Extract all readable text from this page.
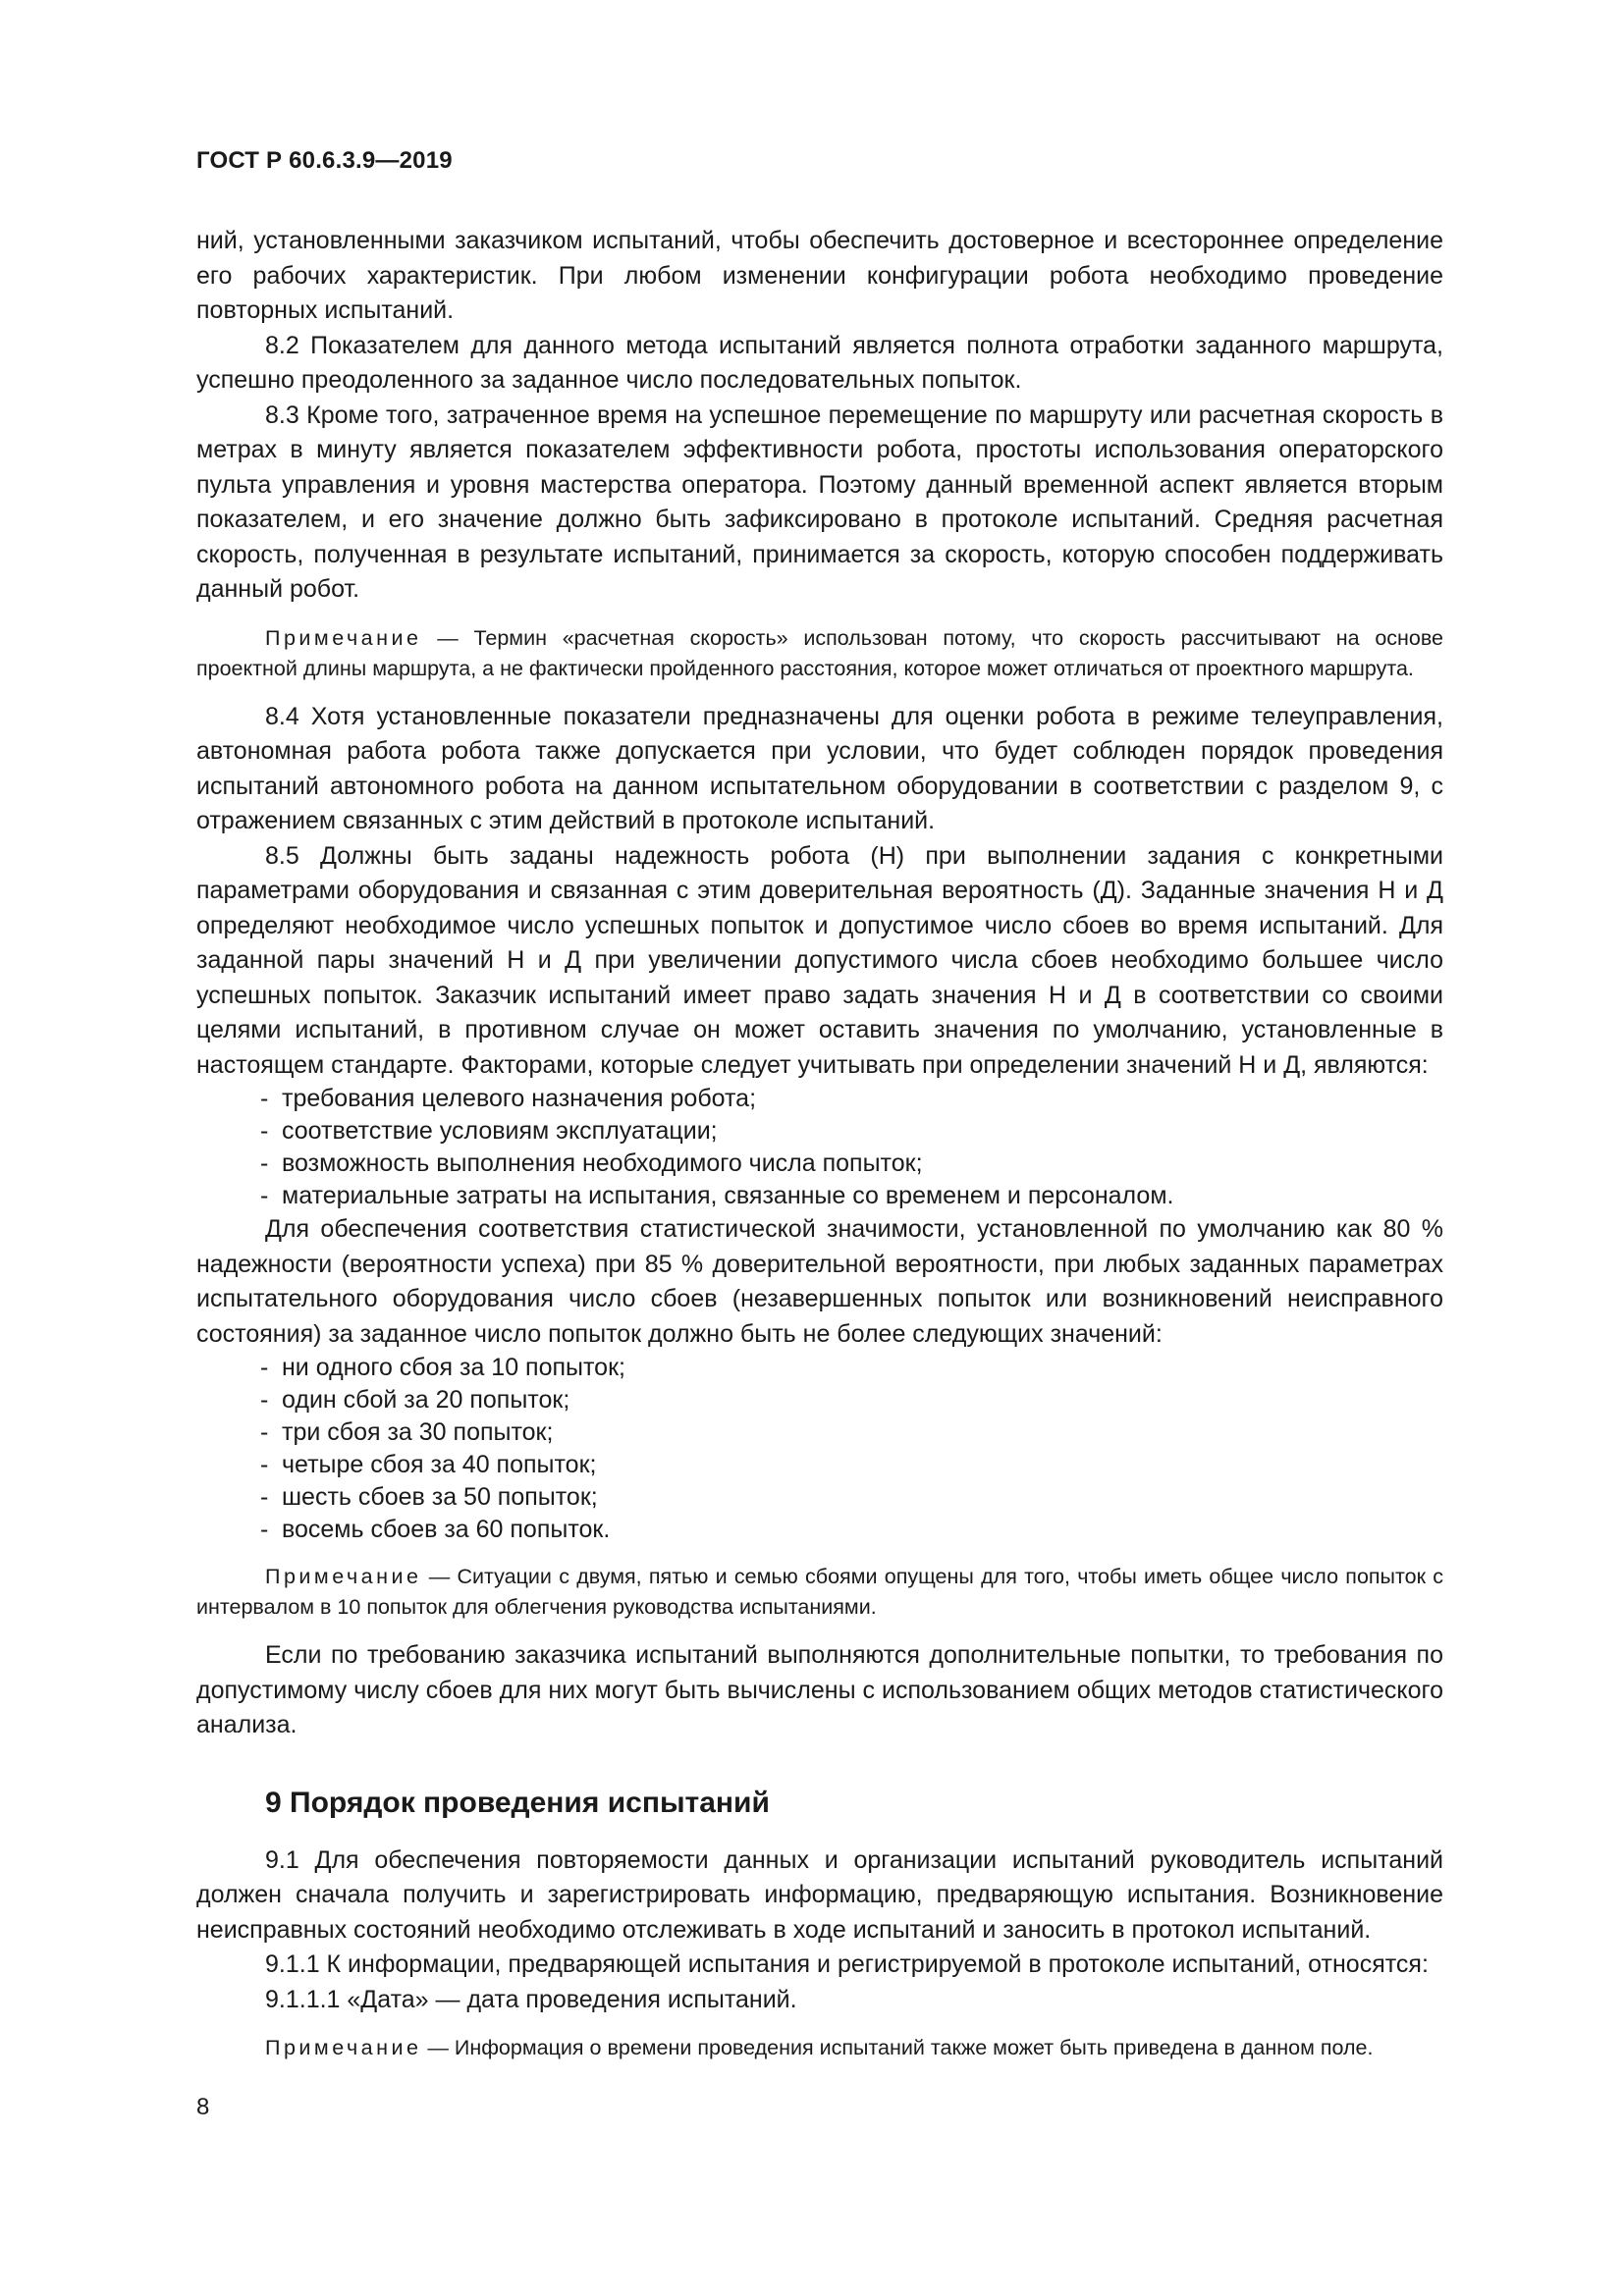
ГОСТ Р 60.6.3.9—2019

ний, установленными заказчиком испытаний, чтобы обеспечить достоверное и всестороннее определение его рабочих характеристик. При любом изменении конфигурации робота необходимо проведение повторных испытаний.

8.2 Показателем для данного метода испытаний является полнота отработки заданного маршрута, успешно преодоленного за заданное число последовательных попыток.

8.3 Кроме того, затраченное время на успешное перемещение по маршруту или расчетная скорость в метрах в минуту является показателем эффективности робота, простоты использования операторского пульта управления и уровня мастерства оператора. Поэтому данный временной аспект является вторым показателем, и его значение должно быть зафиксировано в протоколе испытаний. Средняя расчетная скорость, полученная в результате испытаний, принимается за скорость, которую способен поддерживать данный робот.

Примечание — Термин «расчетная скорость» использован потому, что скорость рассчитывают на основе проектной длины маршрута, а не фактически пройденного расстояния, которое может отличаться от проектного маршрута.

8.4 Хотя установленные показатели предназначены для оценки робота в режиме телеуправления, автономная работа робота также допускается при условии, что будет соблюден порядок проведения испытаний автономного робота на данном испытательном оборудовании в соответствии с разделом 9, с отражением связанных с этим действий в протоколе испытаний.

8.5 Должны быть заданы надежность робота (Н) при выполнении задания с конкретными параметрами оборудования и связанная с этим доверительная вероятность (Д). Заданные значения Н и Д определяют необходимое число успешных попыток и допустимое число сбоев во время испытаний. Для заданной пары значений Н и Д при увеличении допустимого числа сбоев необходимо большее число успешных попыток. Заказчик испытаний имеет право задать значения Н и Д в соответствии со своими целями испытаний, в противном случае он может оставить значения по умолчанию, установленные в настоящем стандарте. Факторами, которые следует учитывать при определении значений Н и Д, являются:

- требования целевого назначения робота;
- соответствие условиям эксплуатации;
- возможность выполнения необходимого числа попыток;
- материальные затраты на испытания, связанные со временем и персоналом.

Для обеспечения соответствия статистической значимости, установленной по умолчанию как 80 % надежности (вероятности успеха) при 85 % доверительной вероятности, при любых заданных параметрах испытательного оборудования число сбоев (незавершенных попыток или возникновений неисправного состояния) за заданное число попыток должно быть не более следующих значений:

- ни одного сбоя за 10 попыток;
- один сбой за 20 попыток;
- три сбоя за 30 попыток;
- четыре сбоя за 40 попыток;
- шесть сбоев за 50 попыток;
- восемь сбоев за 60 попыток.

Примечание — Ситуации с двумя, пятью и семью сбоями опущены для того, чтобы иметь общее число попыток с интервалом в 10 попыток для облегчения руководства испытаниями.

Если по требованию заказчика испытаний выполняются дополнительные попытки, то требования по допустимому числу сбоев для них могут быть вычислены с использованием общих методов статистического анализа.

9 Порядок проведения испытаний

9.1 Для обеспечения повторяемости данных и организации испытаний руководитель испытаний должен сначала получить и зарегистрировать информацию, предваряющую испытания. Возникновение неисправных состояний необходимо отслеживать в ходе испытаний и заносить в протокол испытаний.

9.1.1 К информации, предваряющей испытания и регистрируемой в протоколе испытаний, относятся:

9.1.1.1 «Дата» — дата проведения испытаний.

Примечание — Информация о времени проведения испытаний также может быть приведена в данном поле.

8
